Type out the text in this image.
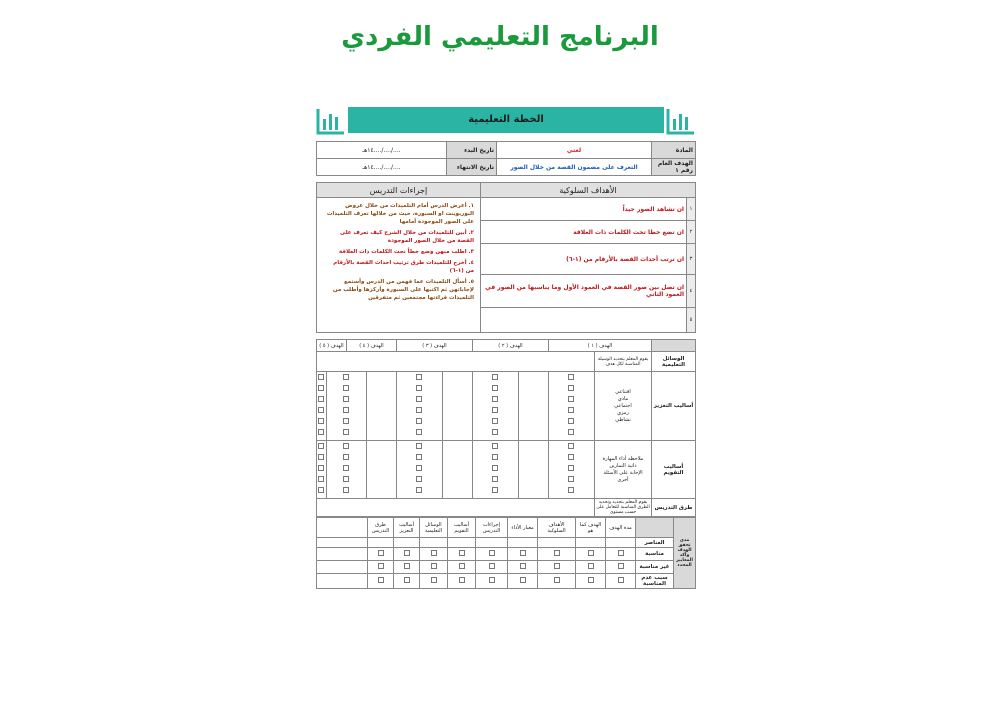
البرنامج التعليمي الفردي
الخطة التعليمية
المادة	لغتي	تاريخ البدء	..../..../....١٤هـ
الهدف العام رقم ١	التعرف على مضمون القصة من خلال الصور	تاريخ الانتهاء	..../..../....١٤هـ
الأهداف السلوكية		إجراءات التدريس
١	ان تشاهد الصور جيداً	١. أعرض الدرس أمام التلميذات من خلال عروض البوربوينت او السبورة، حيث من خلالها تعرف التلميذات على الصور الموجودة أمامها
٢. أبين للتلميذات من خلال الشرح كيف تعرف على القصة من خلال الصور الموجودة
٣. اطلب منهن وضع خطاً تحت الكلمات ذات العلاقة
٤. أخرج للتلميذات طرق ترتيب احداث القصة بالأرقام من (١-٦)
٥. أسأل التلميذات عما فهمن من الدرس وأستمع لإجاباتهن ثم اكتبها على السبورة وأركزها وأطلب من التلميذات قراءتها مجتمعين ثم متفرقين

٢	ان تضع خطا تحت الكلمات ذات العلاقة	
٣	ان ترتب أحداث القصة بالأرقام من (١-٦)	
٤	ان تصل بين صور القصة في العمود الأول وما يناسبها من الصور في العمود الثاني	
٥		
	الهدف ( ١ )		الهدف ( ٢ )		الهدف ( ٣ )		الهدف ( ٤ )		الهدف ( ٥ )	
الوسائل التعليمية	يقوم المعلم بتحديد الوسيلة المناسبة لكل هدف									
أساليب التعزيز	اقتناعي
مادي
اجتماعي
رمزي
نشاطي									

أساليب التقويم	ملاحظة أداء المهارة
ذاتية التمارين
الإجابة على الأسئلة
أخرى									

طرق التدريس	يقوم المعلم بتحديد وتحديد الطرق المناسبة للتعامل على حسب مستوى									
مدى تحقق الهدف وأكد المعايير المحدد		مدة الهدف	الهدف كما هو	الأهداف السلوكية	معيار الأداء	إجراءات التدريس	أساليب التقويم	الوسائل التعليمية	أساليب التعزيز	طرق التدريس	
	العناصر										
	مناسبة										
	غير مناسبة										
	سبب عدم المناسبة										
